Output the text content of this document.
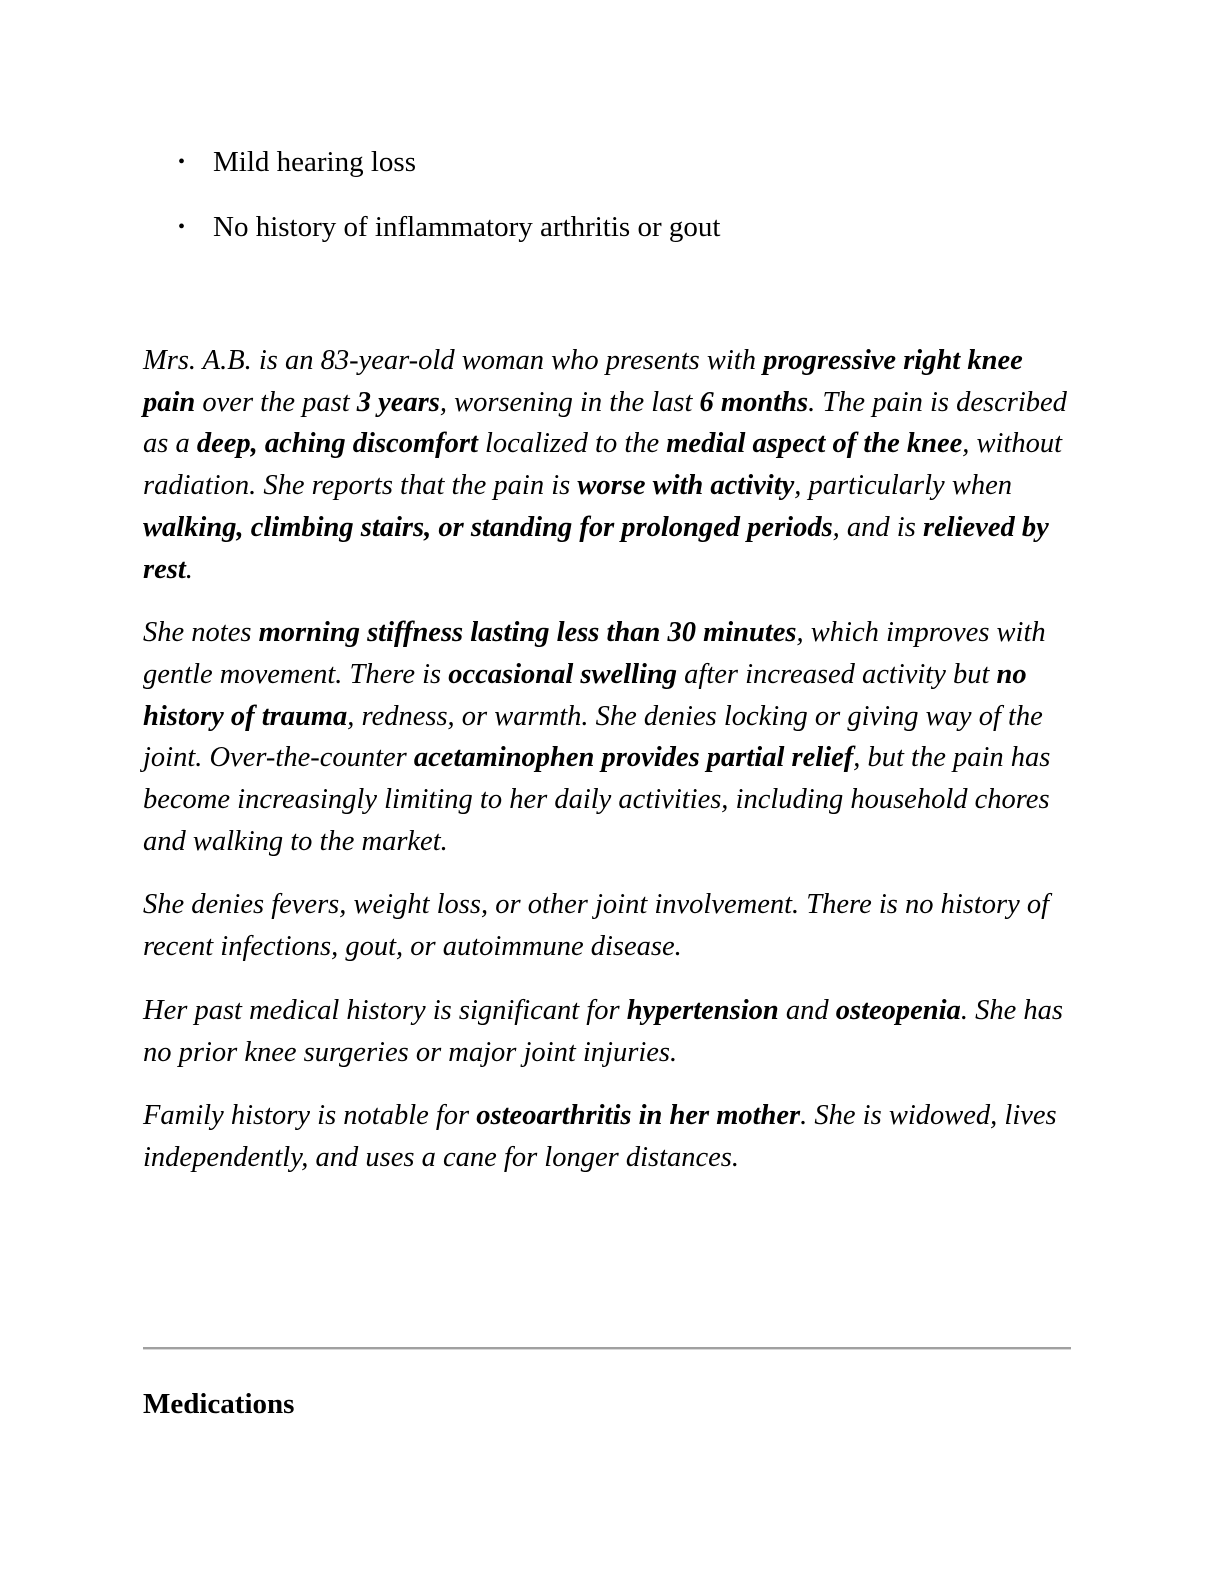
• Mild hearing loss
• No history of inflammatory arthritis or gout

Mrs. A.B. is an 83-year-old woman who presents with progressive right knee pain over the past 3 years, worsening in the last 6 months. The pain is described as a deep, aching discomfort localized to the medial aspect of the knee, without radiation. She reports that the pain is worse with activity, particularly when walking, climbing stairs, or standing for prolonged periods, and is relieved by rest.

She notes morning stiffness lasting less than 30 minutes, which improves with gentle movement. There is occasional swelling after increased activity but no history of trauma, redness, or warmth. She denies locking or giving way of the joint. Over-the-counter acetaminophen provides partial relief, but the pain has become increasingly limiting to her daily activities, including household chores and walking to the market.

She denies fevers, weight loss, or other joint involvement. There is no history of recent infections, gout, or autoimmune disease.

Her past medical history is significant for hypertension and osteopenia. She has no prior knee surgeries or major joint injuries.

Family history is notable for osteoarthritis in her mother. She is widowed, lives independently, and uses a cane for longer distances.

Medications
